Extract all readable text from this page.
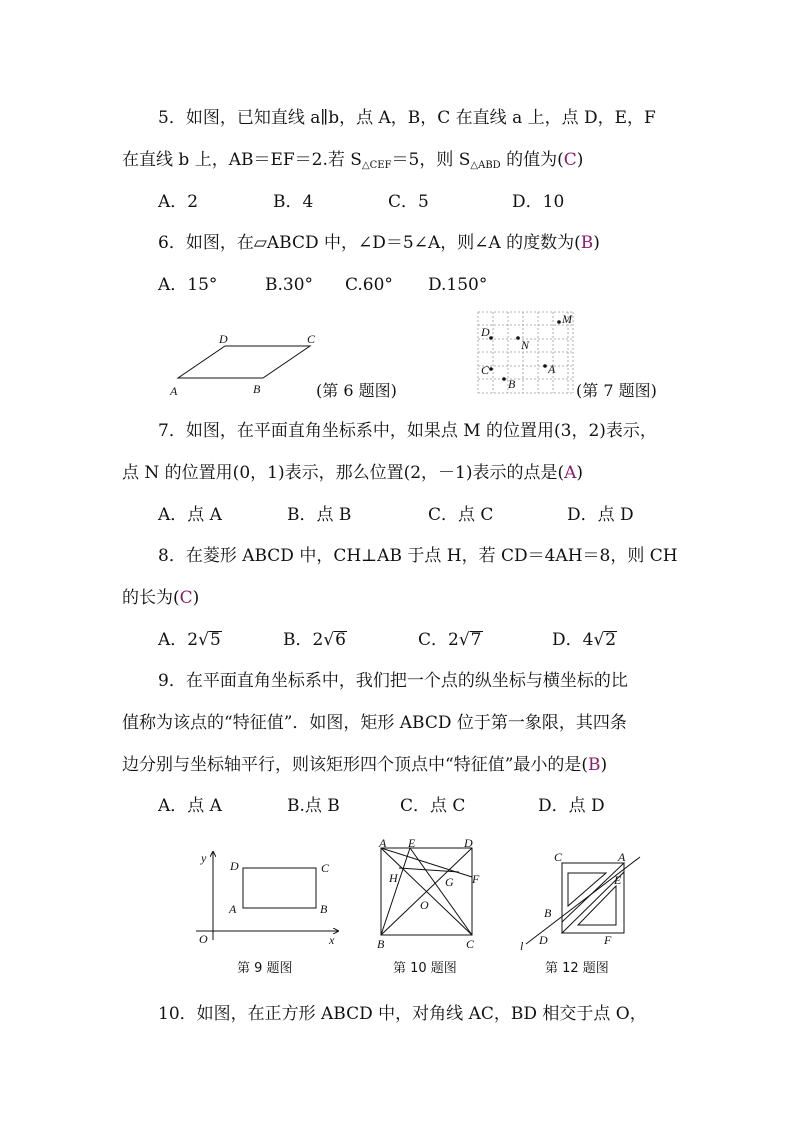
5．如图，已知直线 a∥b，点 A，B，C 在直线 a 上，点 D，E，F
在直线 b 上，AB＝EF＝2.若 $S_{\triangle CEF}=5$，则 $S_{\triangle ABD}$ 的值为(C)
A．2	B．4	C．5	D．10
6．如图，在▱ABCD 中，∠D＝5∠A，则∠A 的度数为(B)
A．15°	B.30° C.60° D.150°
D	C
A	B	(第 6 题图)
D
N
M
C
B
A
(第 7 题图)
7．如图，在平面直角坐标系中，如果点 M 的位置用(3，2)表示，
点 N 的位置用(0，1)表示，那么位置(2，－1)表示的点是(A)
A．点 A	B．点 B	C．点 C	D．点 D
8．在菱形 ABCD 中，CH⊥AB 于点 H，若 CD＝4AH＝8，则 CH
的长为(C)
A．2√5	B．2√6	C．2√7	D．4√2
9．在平面直角坐标系中，我们把一个点的纵坐标与横坐标的比
值称为该点的“特征值”．如图，矩形 ABCD 位于第一象限，其四条
边分别与坐标轴平行，则该矩形四个顶点中“特征值”最小的是(B)
A．点 A	B.点 B	C．点 C	D．点 D
y
D	C
A	B
O	x
第 9 题图
A E	D
H	G F
O
B	C
第 10 题图
C	A
E
B
l D	F
第 12 题图
10．如图，在正方形 ABCD 中，对角线 AC，BD 相交于点 O，
